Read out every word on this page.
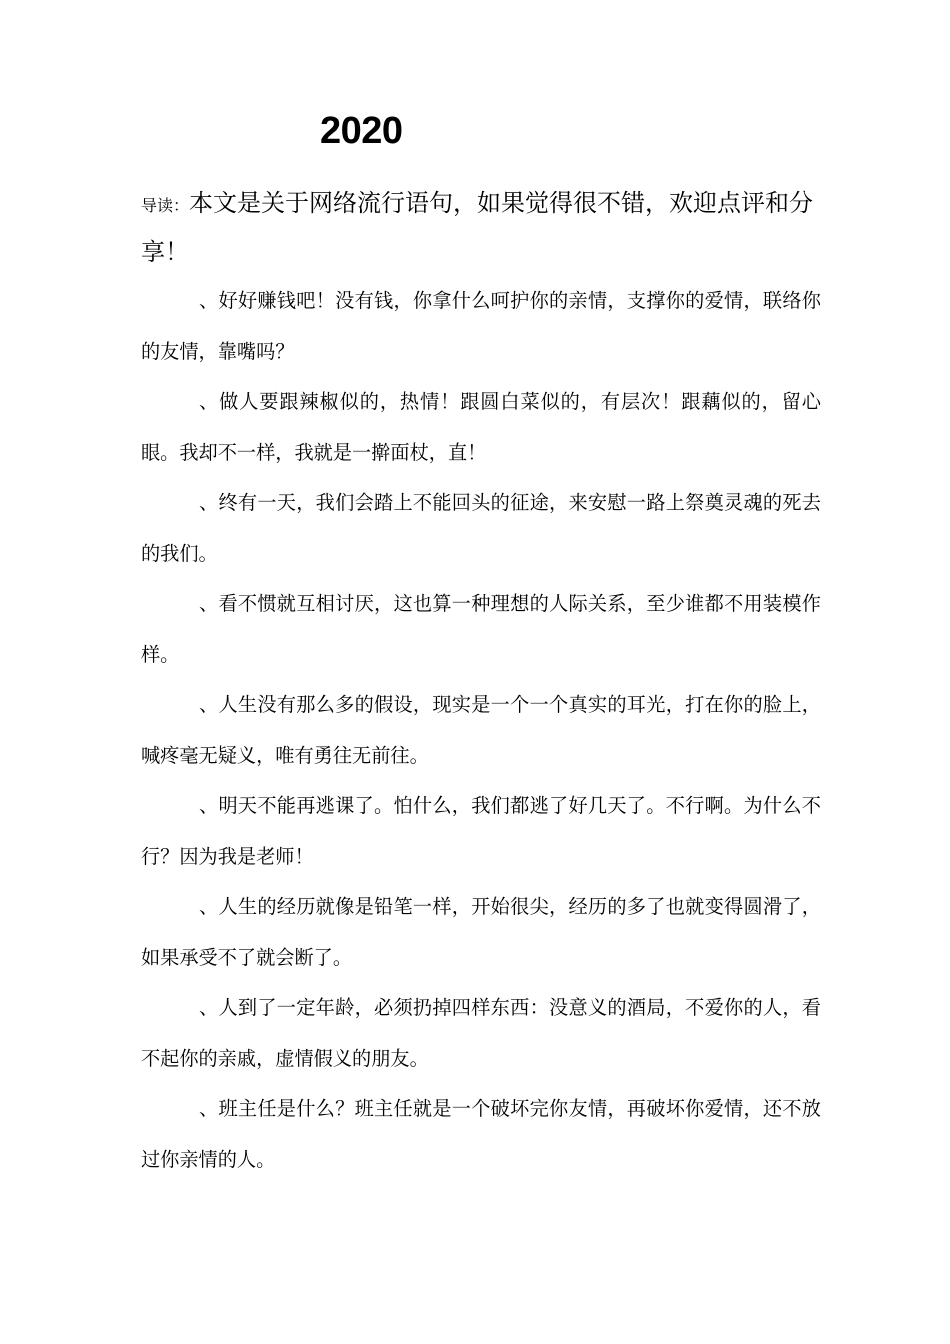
2020
导读：本文是关于网络流行语句，如果觉得很不错，欢迎点评和分享！

、好好赚钱吧！没有钱，你拿什么呵护你的亲情，支撑你的爱情，联络你的友情，靠嘴吗？

、做人要跟辣椒似的，热情！跟圆白菜似的，有层次！跟藕似的，留心眼。我却不一样，我就是一擀面杖，直！

、终有一天，我们会踏上不能回头的征途，来安慰一路上祭奠灵魂的死去的我们。

、看不惯就互相讨厌，这也算一种理想的人际关系，至少谁都不用装模作样。

、人生没有那么多的假设，现实是一个一个真实的耳光，打在你的脸上，喊疼毫无疑义，唯有勇往无前往。

、明天不能再逃课了。怕什么，我们都逃了好几天了。不行啊。为什么不行？因为我是老师！

、人生的经历就像是铅笔一样，开始很尖，经历的多了也就变得圆滑了，如果承受不了就会断了。

、人到了一定年龄，必须扔掉四样东西：没意义的酒局，不爱你的人，看不起你的亲戚，虚情假义的朋友。

、班主任是什么？班主任就是一个破坏完你友情，再破坏你爱情，还不放过你亲情的人。
